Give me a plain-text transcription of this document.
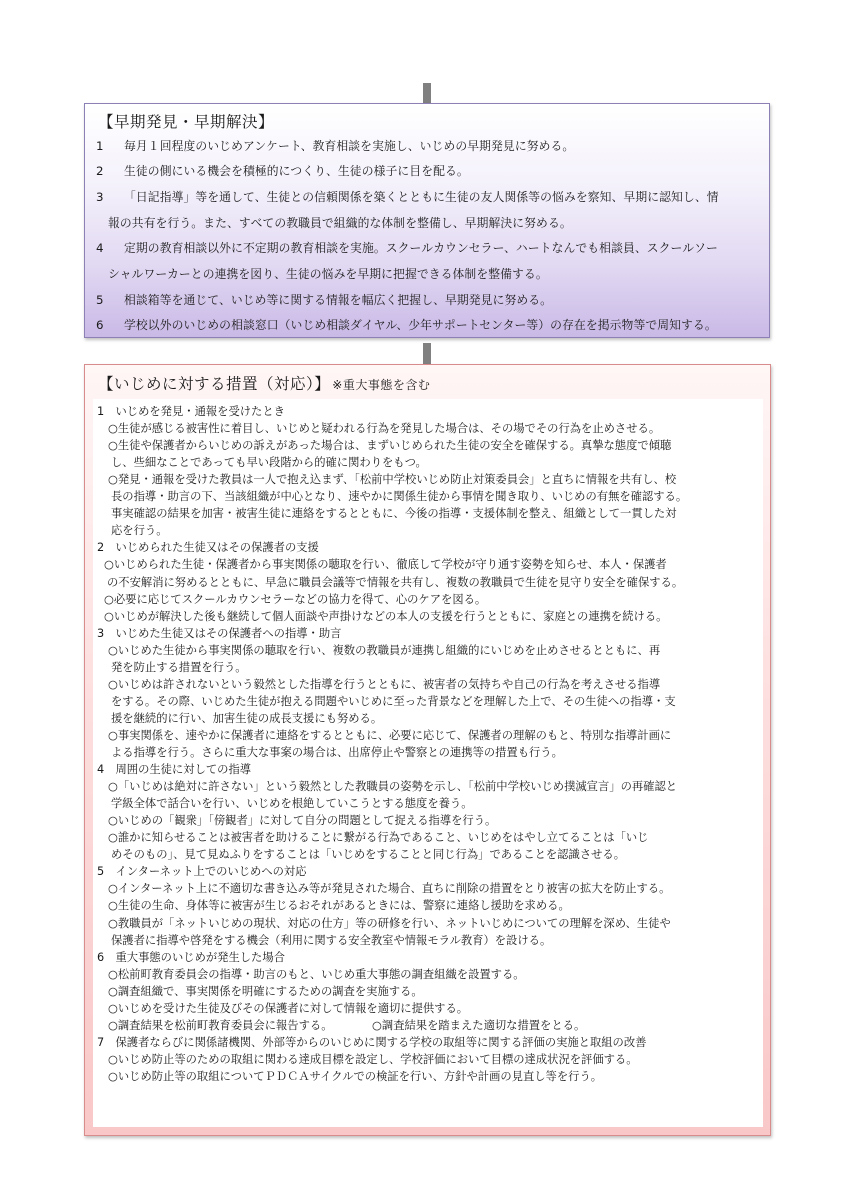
【早期発見・早期解決】
1 毎月１回程度のいじめアンケート、教育相談を実施し、いじめの早期発見に努める。
2 生徒の側にいる機会を積極的につくり、生徒の様子に目を配る。
3 「日記指導」等を通して、生徒との信頼関係を築くとともに生徒の友人関係等の悩みを察知、早期に認知し、情
報の共有を行う。また、すべての教職員で組織的な体制を整備し、早期解決に努める。
4 定期の教育相談以外に不定期の教育相談を実施。スクールカウンセラー、ハートなんでも相談員、スクールソー
シャルワーカーとの連携を図り、生徒の悩みを早期に把握できる体制を整備する。
5 相談箱等を通じて、いじめ等に関する情報を幅広く把握し、早期発見に努める。
6 学校以外のいじめの相談窓口（いじめ相談ダイヤル、少年サポートセンター等）の存在を掲示物等で周知する。
【いじめに対する措置（対応）】 ※重大事態を含む
1　いじめを発見・通報を受けたとき
○生徒が感じる被害性に着目し、いじめと疑われる行為を発見した場合は、その場でその行為を止めさせる。
○生徒や保護者からいじめの訴えがあった場合は、まずいじめられた生徒の安全を確保する。真摯な態度で傾聴
し、些細なことであっても早い段階から的確に関わりをもつ。
○発見・通報を受けた教員は一人で抱え込まず、「松前中学校いじめ防止対策委員会」と直ちに情報を共有し、校
長の指導・助言の下、当該組織が中心となり、速やかに関係生徒から事情を聞き取り、いじめの有無を確認する。
事実確認の結果を加害・被害生徒に連絡をするとともに、今後の指導・支援体制を整え、組織として一貫した対
応を行う。
2　いじめられた生徒又はその保護者の支援
○いじめられた生徒・保護者から事実関係の聴取を行い、徹底して学校が守り通す姿勢を知らせ、本人・保護者
の不安解消に努めるとともに、早急に職員会議等で情報を共有し、複数の教職員で生徒を見守り安全を確保する。
○必要に応じてスクールカウンセラーなどの協力を得て、心のケアを図る。
○いじめが解決した後も継続して個人面談や声掛けなどの本人の支援を行うとともに、家庭との連携を続ける。
3　いじめた生徒又はその保護者への指導・助言
○いじめた生徒から事実関係の聴取を行い、複数の教職員が連携し組織的にいじめを止めさせるとともに、再
発を防止する措置を行う。
○いじめは許されないという毅然とした指導を行うとともに、被害者の気持ちや自己の行為を考えさせる指導
をする。その際、いじめた生徒が抱える問題やいじめに至った背景などを理解した上で、その生徒への指導・支
援を継続的に行い、加害生徒の成長支援にも努める。
○事実関係を、速やかに保護者に連絡をするとともに、必要に応じて、保護者の理解のもと、特別な指導計画に
よる指導を行う。さらに重大な事案の場合は、出席停止や警察との連携等の措置も行う。
4　周囲の生徒に対しての指導
○「いじめは絶対に許さない」という毅然とした教職員の姿勢を示し、「松前中学校いじめ撲滅宣言」の再確認と
学級全体で話合いを行い、いじめを根絶していこうとする態度を養う。
○いじめの「観衆」「傍観者」に対して自分の問題として捉える指導を行う。
○誰かに知らせることは被害者を助けることに繋がる行為であること、いじめをはやし立てることは「いじ
めそのもの」、見て見ぬふりをすることは「いじめをすることと同じ行為」であることを認識させる。
5　インターネット上でのいじめへの対応
○インターネット上に不適切な書き込み等が発見された場合、直ちに削除の措置をとり被害の拡大を防止する。
○生徒の生命、身体等に被害が生じるおそれがあるときには、警察に連絡し援助を求める。
○教職員が「ネットいじめの現状、対応の仕方」等の研修を行い、ネットいじめについての理解を深め、生徒や
保護者に指導や啓発をする機会（利用に関する安全教室や情報モラル教育）を設ける。
6　重大事態のいじめが発生した場合
○松前町教育委員会の指導・助言のもと、いじめ重大事態の調査組織を設置する。
○調査組織で、事実関係を明確にするための調査を実施する。
○いじめを受けた生徒及びその保護者に対して情報を適切に提供する。
○調査結果を松前町教育委員会に報告する。　　　　○調査結果を踏まえた適切な措置をとる。
7　保護者ならびに関係諸機関、外部等からのいじめに関する学校の取組等に関する評価の実施と取組の改善
○いじめ防止等のための取組に関わる達成目標を設定し、学校評価において目標の達成状況を評価する。
○いじめ防止等の取組についてＰＤＣＡサイクルでの検証を行い、方針や計画の見直し等を行う。
